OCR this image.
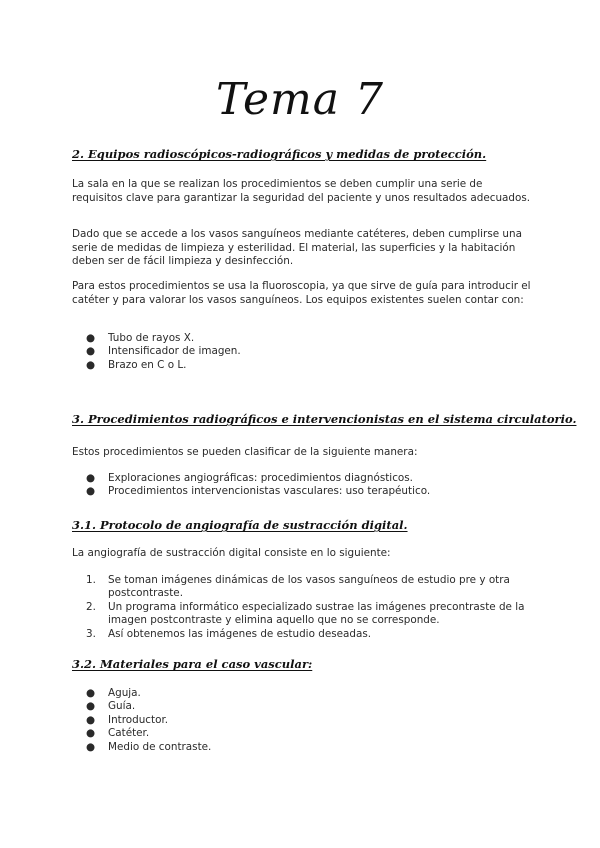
Tema 7
2. Equipos radioscópicos-radiográficos y medidas de protección.
La sala en la que se realizan los procedimientos se deben cumplir una serie de requisitos clave para garantizar la seguridad del paciente y unos resultados adecuados.
Dado que se accede a los vasos sanguíneos mediante catéteres, deben cumplirse una serie de medidas de limpieza y esterilidad. El material, las superficies y la habitación deben ser de fácil limpieza y desinfección.
Para estos procedimientos se usa la fluoroscopia, ya que sirve de guía para introducir el catéter y para valorar los vasos sanguíneos. Los equipos existentes suelen contar con:
● Tubo de rayos X.
● Intensificador de imagen.
● Brazo en C o L.
3. Procedimientos radiográficos e intervencionistas en el sistema circulatorio.
Estos procedimientos se pueden clasificar de la siguiente manera:
● Exploraciones angiográficas: procedimientos diagnósticos.
● Procedimientos intervencionistas vasculares: uso terapéutico.
3.1. Protocolo de angiografía de sustracción digital.
La angiografía de sustracción digital consiste en lo siguiente:
1. Se toman imágenes dinámicas de los vasos sanguíneos de estudio pre y otra postcontraste.
2. Un programa informático especializado sustrae las imágenes precontraste de la imagen postcontraste y elimina aquello que no se corresponde.
3. Así obtenemos las imágenes de estudio deseadas.
3.2. Materiales para el caso vascular:
● Aguja.
● Guía.
● Introductor.
● Catéter.
● Medio de contraste.
